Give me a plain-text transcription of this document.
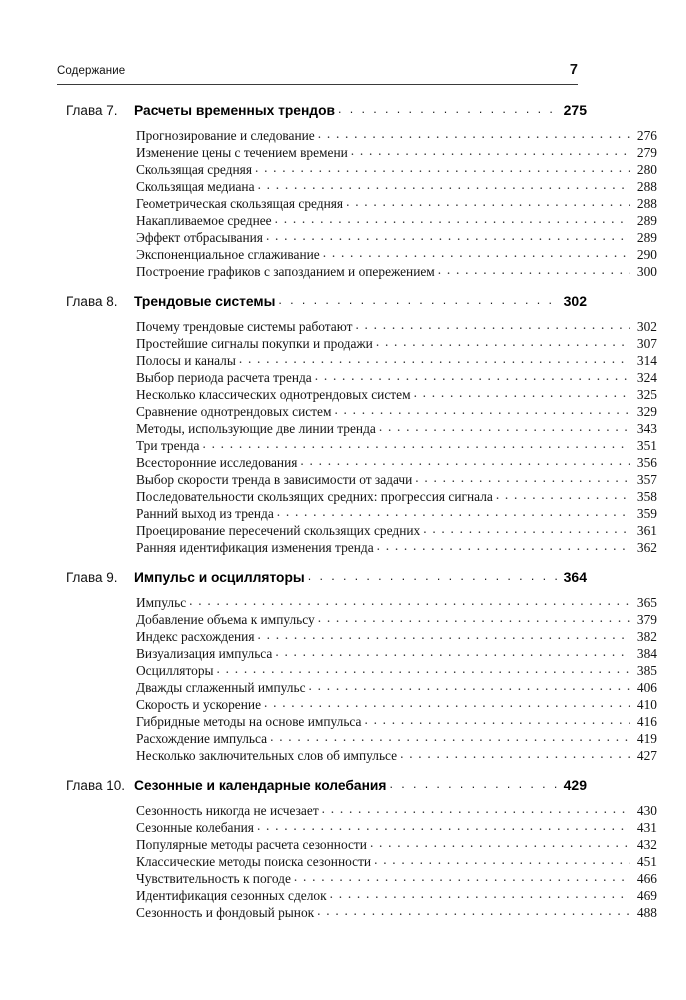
Содержание	7
Глава 7.	Расчеты временных трендов . . .	275
Прогнозирование и следование . . .	276
Изменение цены с течением времени . . .	279
Скользящая средняя . . .	280
Скользящая медиана . . .	288
Геометрическая скользящая средняя . . .	288
Накапливаемое среднее . . .	289
Эффект отбрасывания . . .	289
Экспоненциальное сглаживание . . .	290
Построение графиков с запозданием и опережением . . .	300
Глава 8.	Трендовые системы . . .	302
Почему трендовые системы работают . . .	302
Простейшие сигналы покупки и продажи . . .	307
Полосы и каналы . . .	314
Выбор периода расчета тренда . . .	324
Несколько классических однотрендовых систем . . .	325
Сравнение однотрендовых систем . . .	329
Методы, использующие две линии тренда . . .	343
Три тренда . . .	351
Всесторонние исследования . . .	356
Выбор скорости тренда в зависимости от задачи . . .	357
Последовательности скользящих средних: прогрессия сигнала . . .	358
Ранний выход из тренда . . .	359
Проецирование пересечений скользящих средних . . .	361
Ранняя идентификация изменения тренда . . .	362
Глава 9.	Импульс и осцилляторы . . .	364
Импульс . . .	365
Добавление объема к импульсу . . .	379
Индекс расхождения . . .	382
Визуализация импульса . . .	384
Осцилляторы . . .	385
Дважды сглаженный импульс . . .	406
Скорость и ускорение . . .	410
Гибридные методы на основе импульса . . .	416
Расхождение импульса . . .	419
Несколько заключительных слов об импульсе . . .	427
Глава 10. Сезонные и календарные колебания . . .	429
Сезонность никогда не исчезает . . .	430
Сезонные колебания . . .	431
Популярные методы расчета сезонности . . .	432
Классические методы поиска сезонности . . .	451
Чувствительность к погоде . . .	466
Идентификация сезонных сделок . . .	469
Сезонность и фондовый рынок . . .	488
